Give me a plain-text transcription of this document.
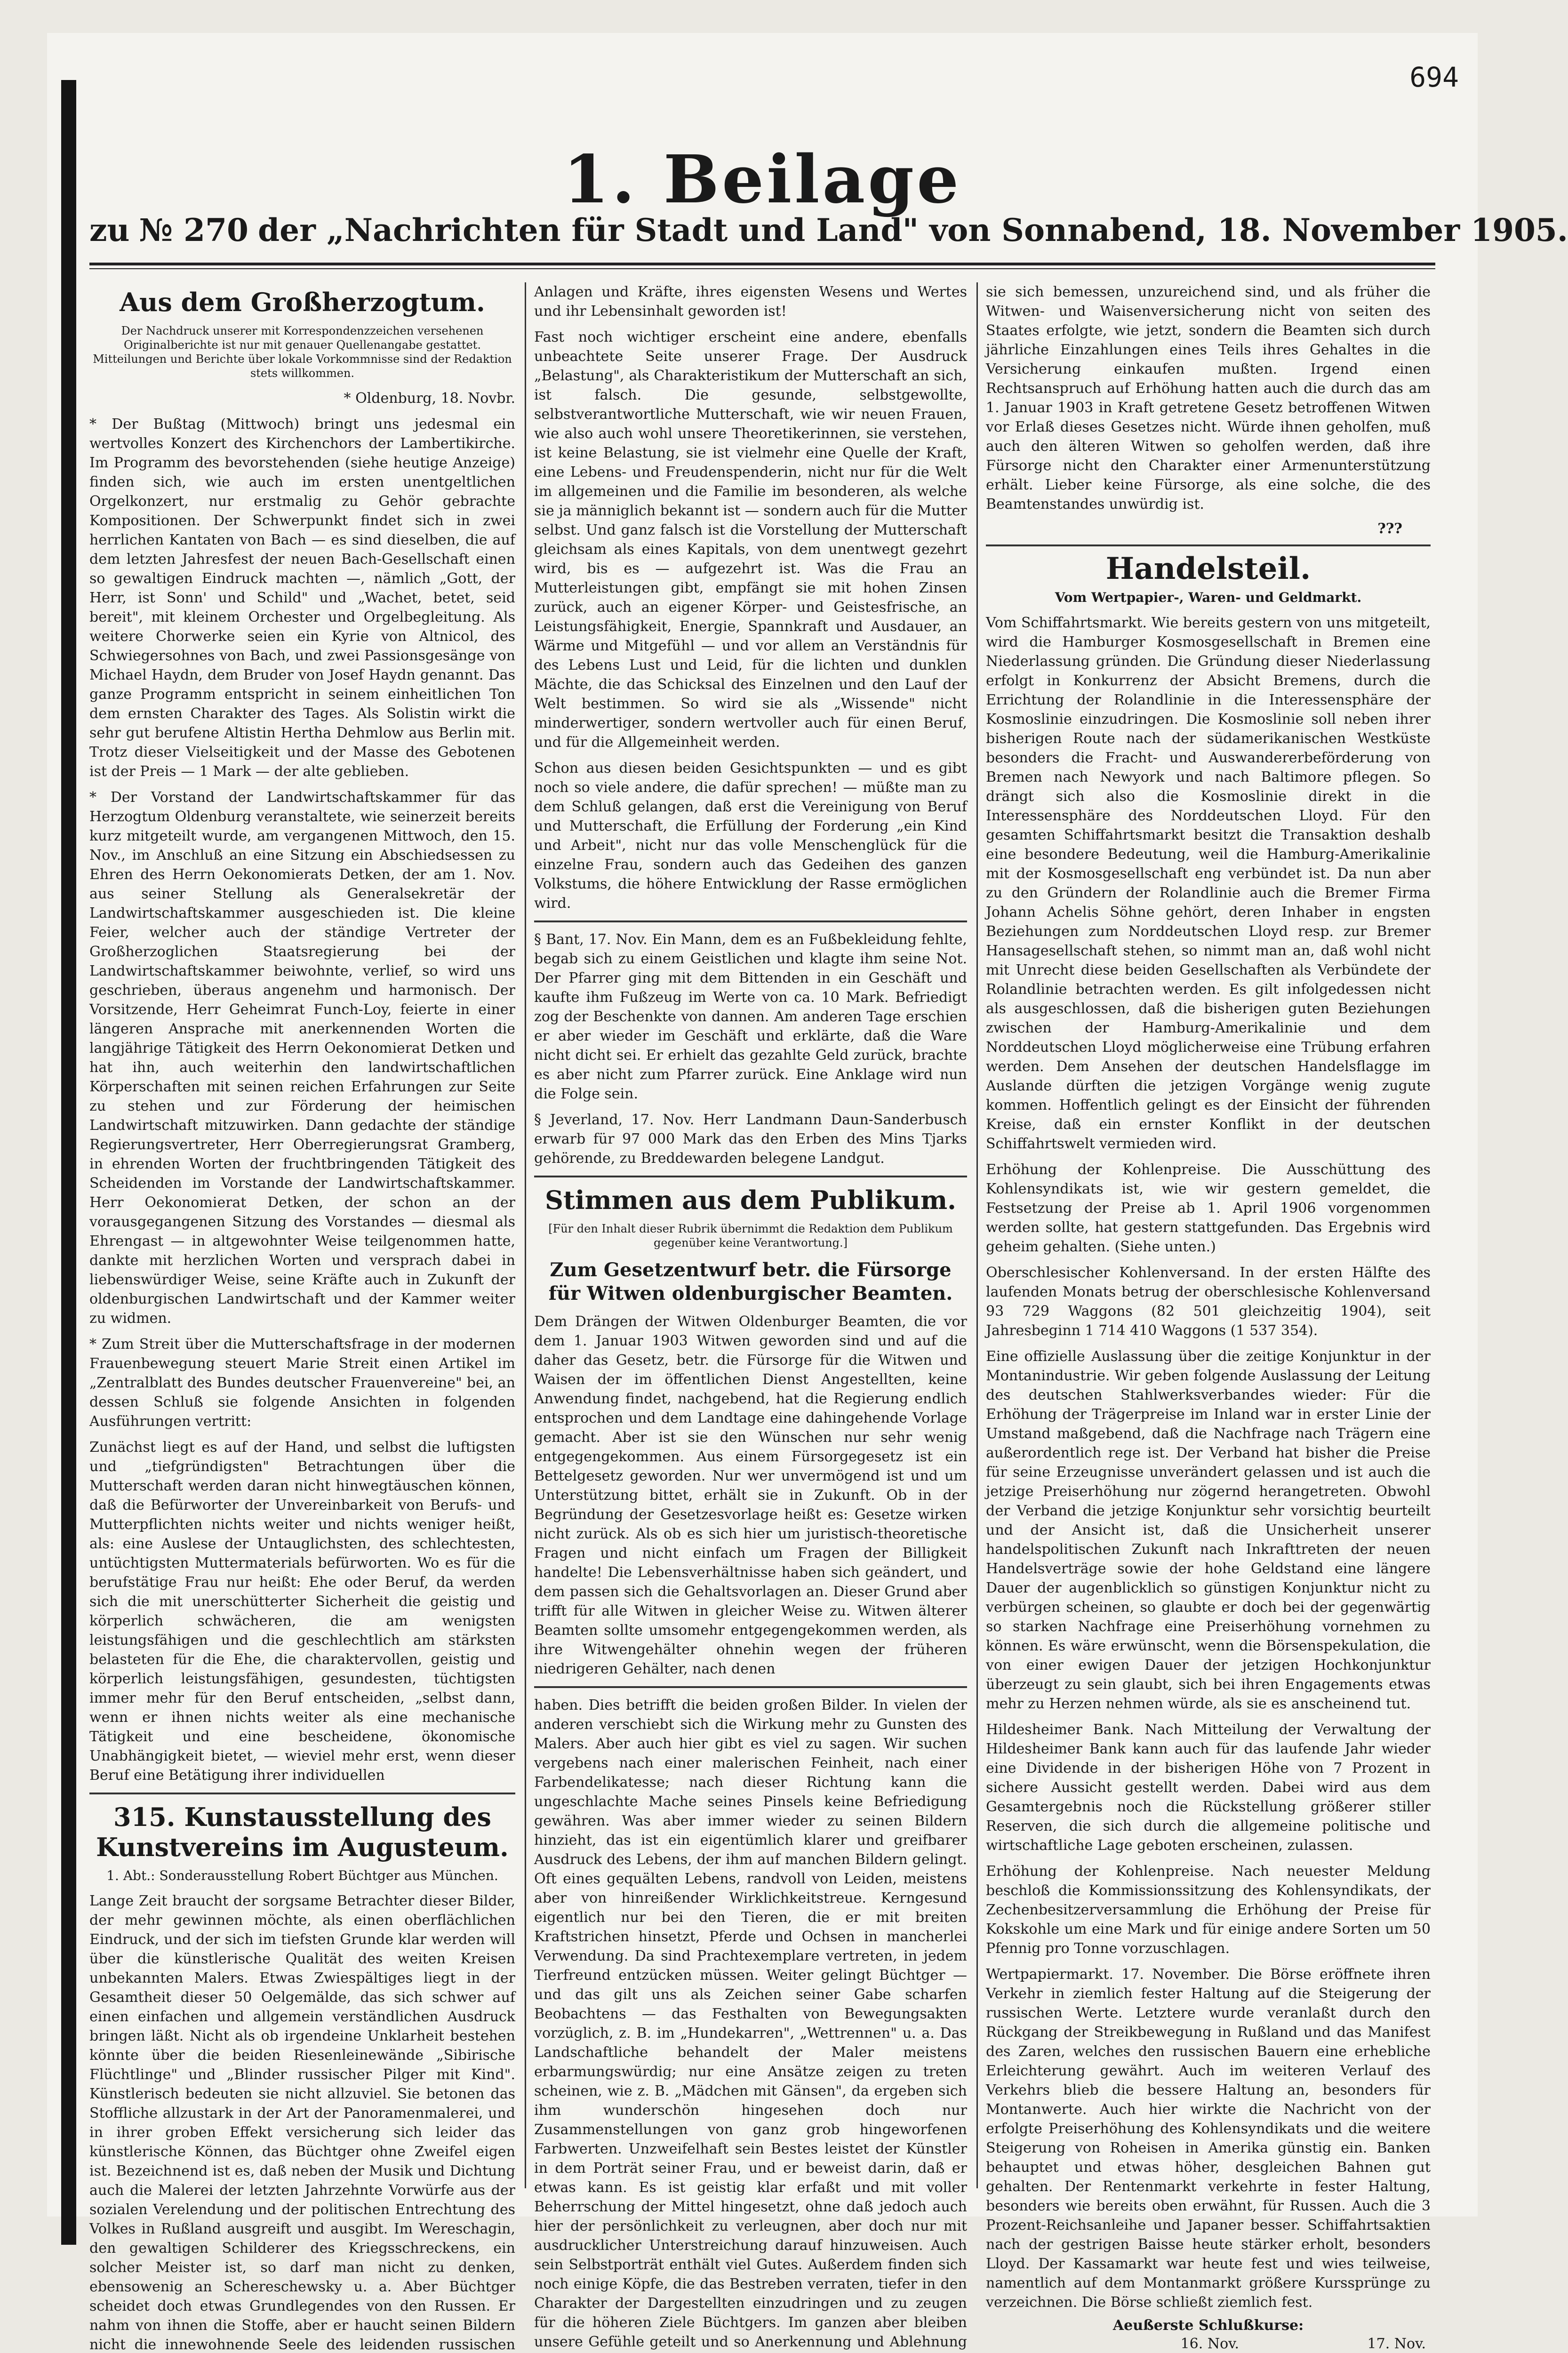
694
1. Beilage
zu № 270 der „Nachrichten für Stadt und Land" von Sonnabend, 18. November 1905.
Aus dem Großherzogtum.
Der Nachdruck unserer mit Korrespondenzzeichen versehenen Originalberichte ist nur mit genauer Quellenangabe gestattet. Mitteilungen und Berichte über lokale Vorkommnisse sind der Redaktion stets willkommen.

* Oldenburg, 18. Novbr.

* Der Bußtag (Mittwoch) bringt uns jedesmal ein wertvolles Konzert des Kirchenchors der Lambertikirche. Im Programm des bevorstehenden (siehe heutige Anzeige) finden sich, wie auch im ersten unentgeltlichen Orgelkonzert, nur erstmalig zu Gehör gebrachte Kompositionen. Der Schwerpunkt findet sich in zwei herrlichen Kantaten von Bach — es sind dieselben, die auf dem letzten Jahresfest der neuen Bach-Gesellschaft einen so gewaltigen Eindruck machten —, nämlich „Gott, der Herr, ist Sonn' und Schild" und „Wachet, betet, seid bereit", mit kleinem Orchester und Orgelbegleitung. Als weitere Chorwerke seien ein Kyrie von Altnicol, des Schwiegersohnes von Bach, und zwei Passionsgesänge von Michael Haydn, dem Bruder von Josef Haydn genannt. Das ganze Programm entspricht in seinem einheitlichen Ton dem ernsten Charakter des Tages. Als Solistin wirkt die sehr gut berufene Altistin Hertha Dehmlow aus Berlin mit. Trotz dieser Vielseitigkeit und der Masse des Gebotenen ist der Preis — 1 Mark — der alte geblieben.

* Der Vorstand der Landwirtschaftskammer für das Herzogtum Oldenburg veranstaltete, wie seinerzeit bereits kurz mitgeteilt wurde, am vergangenen Mittwoch, den 15. Nov., im Anschluß an eine Sitzung ein Abschiedsessen zu Ehren des Herrn Oekonomierats Detken, der am 1. Nov. aus seiner Stellung als Generalsekretär der Landwirtschaftskammer ausgeschieden ist. Die kleine Feier, welcher auch der ständige Vertreter der Großherzoglichen Staatsregierung bei der Landwirtschaftskammer beiwohnte, verlief, so wird uns geschrieben, überaus angenehm und harmonisch. Der Vorsitzende, Herr Geheimrat Funch-Loy, feierte in einer längeren Ansprache mit anerkennenden Worten die langjährige Tätigkeit des Herrn Oekonomierat Detken und hat ihn, auch weiterhin den landwirtschaftlichen Körperschaften mit seinen reichen Erfahrungen zur Seite zu stehen und zur Förderung der heimischen Landwirtschaft mitzuwirken. Dann gedachte der ständige Regierungsvertreter, Herr Oberregierungsrat Gramberg, in ehrenden Worten der fruchtbringenden Tätigkeit des Scheidenden im Vorstande der Landwirtschaftskammer. Herr Oekonomierat Detken, der schon an der vorausgegangenen Sitzung des Vorstandes — diesmal als Ehrengast — in altgewohnter Weise teilgenommen hatte, dankte mit herzlichen Worten und versprach dabei in liebenswürdiger Weise, seine Kräfte auch in Zukunft der oldenburgischen Landwirtschaft und der Kammer weiter zu widmen.

* Zum Streit über die Mutterschaftsfrage in der modernen Frauenbewegung steuert Marie Streit einen Artikel im „Zentralblatt des Bundes deutscher Frauenvereine" bei, an dessen Schluß sie folgende Ansichten in folgenden Ausführungen vertritt:

Zunächst liegt es auf der Hand, und selbst die luftigsten und „tiefgründigsten" Betrachtungen über die Mutterschaft werden daran nicht hinwegtäuschen können, daß die Befürworter der Unvereinbarkeit von Berufs- und Mutterpflichten nichts weiter und nichts weniger heißt, als: eine Auslese der Untauglichsten, des schlechtesten, untüchtigsten Muttermaterials befürworten. Wo es für die berufstätige Frau nur heißt: Ehe oder Beruf, da werden sich die mit unerschütterter Sicherheit die geistig und körperlich schwächeren, die am wenigsten leistungsfähigen und die geschlechtlich am stärksten belasteten für die Ehe, die charaktervollen, geistig und körperlich leistungsfähigen, gesundesten, tüchtigsten immer mehr für den Beruf entscheiden, „selbst dann, wenn er ihnen nichts weiter als eine mechanische Tätigkeit und eine bescheidene, ökonomische Unabhängigkeit bietet, — wieviel mehr erst, wenn dieser Beruf eine Betätigung ihrer individuellen

315. Kunstausstellung des Kunstvereins im Augusteum.
1. Abt.: Sonderausstellung Robert Büchtger aus München.

Lange Zeit braucht der sorgsame Betrachter dieser Bilder, der mehr gewinnen möchte, als einen oberflächlichen Eindruck, und der sich im tiefsten Grunde klar werden will über die künstlerische Qualität des weiten Kreisen unbekannten Malers. Etwas Zwiespältiges liegt in der Gesamtheit dieser 50 Oelgemälde, das sich schwer auf einen einfachen und allgemein verständlichen Ausdruck bringen läßt. Nicht als ob irgendeine Unklarheit bestehen könnte über die beiden Riesenleinewände „Sibirische Flüchtlinge" und „Blinder russischer Pilger mit Kind". Künstlerisch bedeuten sie nicht allzuviel. Sie betonen das Stoffliche allzustark in der Art der Panoramenmalerei, und in ihrer groben Effekt versicherung sich leider das künstlerische Können, das Büchtger ohne Zweifel eigen ist. Bezeichnend ist es, daß neben der Musik und Dichtung auch die Malerei der letzten Jahrzehnte Vorwürfe aus der sozialen Verelendung und der politischen Entrechtung des Volkes in Rußland ausgreift und ausgibt. Im Wereschagin, den gewaltigen Schilderer des Kriegsschreckens, ein solcher Meister ist, so darf man nicht zu denken, ebensowenig an Schereschewsky u. a. Aber Büchtger scheidet doch etwas Grundlegendes von den Russen. Er nahm von ihnen die Stoffe, aber er haucht seinen Bildern nicht die innewohnende Seele des leidenden russischen

Anlagen und Kräfte, ihres eigensten Wesens und Wertes und ihr Lebensinhalt geworden ist!

Fast noch wichtiger erscheint eine andere, ebenfalls unbeachtete Seite unserer Frage. Der Ausdruck „Belastung", als Charakteristikum der Mutterschaft an sich, ist falsch. Die gesunde, selbstgewollte, selbstverantwortliche Mutterschaft, wie wir neuen Frauen, wie also auch wohl unsere Theoretikerinnen, sie verstehen, ist keine Belastung, sie ist vielmehr eine Quelle der Kraft, eine Lebens- und Freudenspenderin, nicht nur für die Welt im allgemeinen und die Familie im besonderen, als welche sie ja männiglich bekannt ist — sondern auch für die Mutter selbst. Und ganz falsch ist die Vorstellung der Mutterschaft gleichsam als eines Kapitals, von dem unentwegt gezehrt wird, bis es — aufgezehrt ist. Was die Frau an Mutterleistungen gibt, empfängt sie mit hohen Zinsen zurück, auch an eigener Körper- und Geistesfrische, an Leistungsfähigkeit, Energie, Spannkraft und Ausdauer, an Wärme und Mitgefühl — und vor allem an Verständnis für des Lebens Lust und Leid, für die lichten und dunklen Mächte, die das Schicksal des Einzelnen und den Lauf der Welt bestimmen. So wird sie als „Wissende" nicht minderwertiger, sondern wertvoller auch für einen Beruf, und für die Allgemeinheit werden.

Schon aus diesen beiden Gesichtspunkten — und es gibt noch so viele andere, die dafür sprechen! — müßte man zu dem Schluß gelangen, daß erst die Vereinigung von Beruf und Mutterschaft, die Erfüllung der Forderung „ein Kind und Arbeit", nicht nur das volle Menschenglück für die einzelne Frau, sondern auch das Gedeihen des ganzen Volkstums, die höhere Entwicklung der Rasse ermöglichen wird.

§ Bant, 17. Nov. Ein Mann, dem es an Fußbekleidung fehlte, begab sich zu einem Geistlichen und klagte ihm seine Not. Der Pfarrer ging mit dem Bittenden in ein Geschäft und kaufte ihm Fußzeug im Werte von ca. 10 Mark. Befriedigt zog der Beschenkte von dannen. Am anderen Tage erschien er aber wieder im Geschäft und erklärte, daß die Ware nicht dicht sei. Er erhielt das gezahlte Geld zurück, brachte es aber nicht zum Pfarrer zurück. Eine Anklage wird nun die Folge sein.

§ Jeverland, 17. Nov. Herr Landmann Daun-Sanderbusch erwarb für 97 000 Mark das den Erben des Mins Tjarks gehörende, zu Breddewarden belegene Landgut.

Stimmen aus dem Publikum.
[Für den Inhalt dieser Rubrik übernimmt die Redaktion dem Publikum gegenüber keine Verantwortung.]
Zum Gesetzentwurf betr. die Fürsorge für Witwen oldenburgischer Beamten.

Dem Drängen der Witwen Oldenburger Beamten, die vor dem 1. Januar 1903 Witwen geworden sind und auf die daher das Gesetz, betr. die Fürsorge für die Witwen und Waisen der im öffentlichen Dienst Angestellten, keine Anwendung findet, nachgebend, hat die Regierung endlich entsprochen und dem Landtage eine dahingehende Vorlage gemacht. Aber ist sie den Wünschen nur sehr wenig entgegengekommen. Aus einem Fürsorgegesetz ist ein Bettelgesetz geworden. Nur wer unvermögend ist und um Unterstützung bittet, erhält sie in Zukunft. Ob in der Begründung der Gesetzesvorlage heißt es: Gesetze wirken nicht zurück. Als ob es sich hier um juristisch-theoretische Fragen und nicht einfach um Fragen der Billigkeit handelte! Die Lebensverhältnisse haben sich geändert, und dem passen sich die Gehaltsvorlagen an. Dieser Grund aber trifft für alle Witwen in gleicher Weise zu. Witwen älterer Beamten sollte umsomehr entgegengekommen werden, als ihre Witwengehälter ohnehin wegen der früheren niedrigeren Gehälter, nach denen

haben. Dies betrifft die beiden großen Bilder. In vielen der anderen verschiebt sich die Wirkung mehr zu Gunsten des Malers. Aber auch hier gibt es viel zu sagen. Wir suchen vergebens nach einer malerischen Feinheit, nach einer Farbendelikatesse; nach dieser Richtung kann die ungeschlachte Mache seines Pinsels keine Befriedigung gewähren. Was aber immer wieder zu seinen Bildern hinzieht, das ist ein eigentümlich klarer und greifbarer Ausdruck des Lebens, der ihm auf manchen Bildern gelingt. Oft eines gequälten Lebens, randvoll von Leiden, meistens aber von hinreißender Wirklichkeitstreue. Kerngesund eigentlich nur bei den Tieren, die er mit breiten Kraftstrichen hinsetzt, Pferde und Ochsen in mancherlei Verwendung. Da sind Prachtexemplare vertreten, in jedem Tierfreund entzücken müssen. Weiter gelingt Büchtger — und das gilt uns als Zeichen seiner Gabe scharfen Beobachtens — das Festhalten von Bewegungsakten vorzüglich, z. B. im „Hundekarren", „Wettrennen" u. a. Das Landschaftliche behandelt der Maler meistens erbarmungswürdig; nur eine Ansätze zeigen zu treten scheinen, wie z. B. „Mädchen mit Gänsen", da ergeben sich ihm wunderschön hingesehen doch nur Zusammenstellungen von ganz grob hingeworfenen Farbwerten. Unzweifelhaft sein Bestes leistet der Künstler in dem Porträt seiner Frau, und er beweist darin, daß er etwas kann. Es ist geistig klar erfaßt und mit voller Beherrschung der Mittel hingesetzt, ohne daß jedoch auch hier der persönlichkeit zu verleugnen, aber doch nur mit ausdrucklicher Unterstreichung darauf hinzuweisen. Auch sein Selbstporträt enthält viel Gutes. Außerdem finden sich noch einige Köpfe, die das Bestreben verraten, tiefer in den Charakter der Dargestellten einzudringen und zu zeugen für die höheren Ziele Büchtgers. Im ganzen aber bleiben unsere Gefühle geteilt und so Anerkennung und Ablehnung

sie sich bemessen, unzureichend sind, und als früher die Witwen- und Waisenversicherung nicht von seiten des Staates erfolgte, wie jetzt, sondern die Beamten sich durch jährliche Einzahlungen eines Teils ihres Gehaltes in die Versicherung einkaufen mußten. Irgend einen Rechtsanspruch auf Erhöhung hatten auch die durch das am 1. Januar 1903 in Kraft getretene Gesetz betroffenen Witwen vor Erlaß dieses Gesetzes nicht. Würde ihnen geholfen, muß auch den älteren Witwen so geholfen werden, daß ihre Fürsorge nicht den Charakter einer Armenunterstützung erhält. Lieber keine Fürsorge, als eine solche, die des Beamtenstandes unwürdig ist.

???
Handelsteil.
Vom Wertpapier-, Waren- und Geldmarkt.

Vom Schiffahrtsmarkt. Wie bereits gestern von uns mitgeteilt, wird die Hamburger Kosmosgesellschaft in Bremen eine Niederlassung gründen. Die Gründung dieser Niederlassung erfolgt in Konkurrenz der Absicht Bremens, durch die Errichtung der Rolandlinie in die Interessensphäre der Kosmoslinie einzudringen. Die Kosmoslinie soll neben ihrer bisherigen Route nach der südamerikanischen Westküste besonders die Fracht- und Auswandererbeförderung von Bremen nach Newyork und nach Baltimore pflegen. So drängt sich also die Kosmoslinie direkt in die Interessensphäre des Norddeutschen Lloyd. Für den gesamten Schiffahrtsmarkt besitzt die Transaktion deshalb eine besondere Bedeutung, weil die Hamburg-Amerikalinie mit der Kosmosgesellschaft eng verbündet ist. Da nun aber zu den Gründern der Rolandlinie auch die Bremer Firma Johann Achelis Söhne gehört, deren Inhaber in engsten Beziehungen zum Norddeutschen Lloyd resp. zur Bremer Hansagesellschaft stehen, so nimmt man an, daß wohl nicht mit Unrecht diese beiden Gesellschaften als Verbündete der Rolandlinie betrachten werden. Es gilt infolgedessen nicht als ausgeschlossen, daß die bisherigen guten Beziehungen zwischen der Hamburg-Amerikalinie und dem Norddeutschen Lloyd möglicherweise eine Trübung erfahren werden. Dem Ansehen der deutschen Handelsflagge im Auslande dürften die jetzigen Vorgänge wenig zugute kommen. Hoffentlich gelingt es der Einsicht der führenden Kreise, daß ein ernster Konflikt in der deutschen Schiffahrtswelt vermieden wird.

Erhöhung der Kohlenpreise. Die Ausschüttung des Kohlensyndikats ist, wie wir gestern gemeldet, die Festsetzung der Preise ab 1. April 1906 vorgenommen werden sollte, hat gestern stattgefunden. Das Ergebnis wird geheim gehalten. (Siehe unten.)

Oberschlesischer Kohlenversand. In der ersten Hälfte des laufenden Monats betrug der oberschlesische Kohlenversand 93 729 Waggons (82 501 gleichzeitig 1904), seit Jahresbeginn 1 714 410 Waggons (1 537 354).

Eine offizielle Auslassung über die zeitige Konjunktur in der Montanindustrie. Wir geben folgende Auslassung der Leitung des deutschen Stahlwerksverbandes wieder: Für die Erhöhung der Trägerpreise im Inland war in erster Linie der Umstand maßgebend, daß die Nachfrage nach Trägern eine außerordentlich rege ist. Der Verband hat bisher die Preise für seine Erzeugnisse unverändert gelassen und ist auch die jetzige Preiserhöhung nur zögernd herangetreten. Obwohl der Verband die jetzige Konjunktur sehr vorsichtig beurteilt und der Ansicht ist, daß die Unsicherheit unserer handelspolitischen Zukunft nach Inkrafttreten der neuen Handelsverträge sowie der hohe Geldstand eine längere Dauer der augenblicklich so günstigen Konjunktur nicht zu verbürgen scheinen, so glaubte er doch bei der gegenwärtig so starken Nachfrage eine Preiserhöhung vornehmen zu können. Es wäre erwünscht, wenn die Börsenspekulation, die von einer ewigen Dauer der jetzigen Hochkonjunktur überzeugt zu sein glaubt, sich bei ihren Engagements etwas mehr zu Herzen nehmen würde, als sie es anscheinend tut.

Hildesheimer Bank. Nach Mitteilung der Verwaltung der Hildesheimer Bank kann auch für das laufende Jahr wieder eine Dividende in der bisherigen Höhe von 7 Prozent in sichere Aussicht gestellt werden. Dabei wird aus dem Gesamtergebnis noch die Rückstellung größerer stiller Reserven, die sich durch die allgemeine politische und wirtschaftliche Lage geboten erscheinen, zulassen.

Erhöhung der Kohlenpreise. Nach neuester Meldung beschloß die Kommissionssitzung des Kohlensyndikats, der Zechenbesitzerversammlung die Erhöhung der Preise für Kokskohle um eine Mark und für einige andere Sorten um 50 Pfennig pro Tonne vorzuschlagen.

Wertpapiermarkt. 17. November. Die Börse eröffnete ihren Verkehr in ziemlich fester Haltung auf die Steigerung der russischen Werte. Letztere wurde veranlaßt durch den Rückgang der Streikbewegung in Rußland und das Manifest des Zaren, welches den russischen Bauern eine erhebliche Erleichterung gewährt. Auch im weiteren Verlauf des Verkehrs blieb die bessere Haltung an, besonders für Montanwerte. Auch hier wirkte die Nachricht von der erfolgte Preiserhöhung des Kohlensyndikats und die weitere Steigerung von Roheisen in Amerika günstig ein. Banken behauptet und etwas höher, desgleichen Bahnen gut gehalten. Der Rentenmarkt verkehrte in fester Haltung, besonders wie bereits oben erwähnt, für Russen. Auch die 3 Prozent-Reichsanleihe und Japaner besser. Schiffahrtsaktien nach der gestrigen Baisse heute stärker erholt, besonders Lloyd. Der Kassamarkt war heute fest und wies teilweise, namentlich auf dem Montanmarkt größere Kurssprünge zu verzeichnen. Die Börse schließt ziemlich fest.

Aeußerste Schlußkurse:
	16. Nov.	17. Nov.
